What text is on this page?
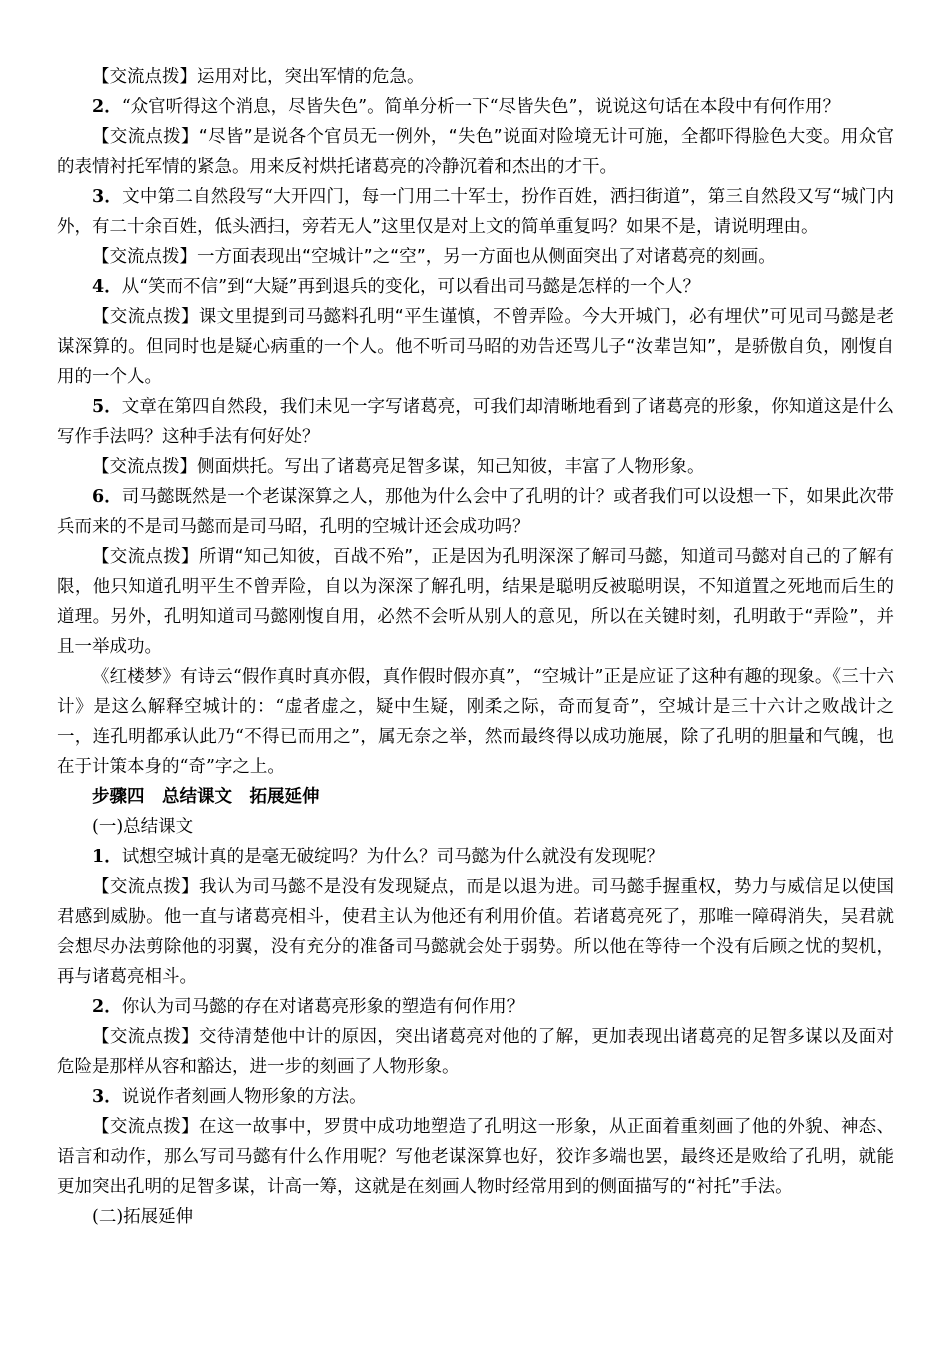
【交流点拨】运用对比，突出军情的危急。

2．“众官听得这个消息，尽皆失色”。简单分析一下“尽皆失色”，说说这句话在本段中有何作用？

【交流点拨】“尽皆”是说各个官员无一例外，“失色”说面对险境无计可施，全都吓得脸色大变。用众官的表情衬托军情的紧急。用来反衬烘托诸葛亮的冷静沉着和杰出的才干。

3．文中第二自然段写“大开四门，每一门用二十军士，扮作百姓，洒扫街道”，第三自然段又写“城门内外，有二十余百姓，低头洒扫，旁若无人”这里仅是对上文的简单重复吗？如果不是，请说明理由。

【交流点拨】一方面表现出“空城计”之“空”，另一方面也从侧面突出了对诸葛亮的刻画。

4．从“笑而不信”到“大疑”再到退兵的变化，可以看出司马懿是怎样的一个人？

【交流点拨】课文里提到司马懿料孔明“平生谨慎，不曾弄险。今大开城门，必有埋伏”可见司马懿是老谋深算的。但同时也是疑心病重的一个人。他不听司马昭的劝告还骂儿子“汝辈岂知”，是骄傲自负，刚愎自用的一个人。

5．文章在第四自然段，我们未见一字写诸葛亮，可我们却清晰地看到了诸葛亮的形象，你知道这是什么写作手法吗？这种手法有何好处？

【交流点拨】侧面烘托。写出了诸葛亮足智多谋，知己知彼，丰富了人物形象。

6．司马懿既然是一个老谋深算之人，那他为什么会中了孔明的计？或者我们可以设想一下，如果此次带兵而来的不是司马懿而是司马昭，孔明的空城计还会成功吗？

【交流点拨】所谓“知己知彼，百战不殆”，正是因为孔明深深了解司马懿，知道司马懿对自己的了解有限，他只知道孔明平生不曾弄险，自以为深深了解孔明，结果是聪明反被聪明误，不知道置之死地而后生的道理。另外，孔明知道司马懿刚愎自用，必然不会听从别人的意见，所以在关键时刻，孔明敢于“弄险”，并且一举成功。

《红楼梦》有诗云“假作真时真亦假，真作假时假亦真”，“空城计”正是应证了这种有趣的现象。《三十六计》是这么解释空城计的：“虚者虚之，疑中生疑，刚柔之际，奇而复奇”，空城计是三十六计之败战计之一，连孔明都承认此乃“不得已而用之”，属无奈之举，然而最终得以成功施展，除了孔明的胆量和气魄，也在于计策本身的“奇”字之上。

步骤四　总结课文　拓展延伸

(一)总结课文

1．试想空城计真的是毫无破绽吗？为什么？司马懿为什么就没有发现呢？

【交流点拨】我认为司马懿不是没有发现疑点，而是以退为进。司马懿手握重权，势力与威信足以使国君感到威胁。他一直与诸葛亮相斗，使君主认为他还有利用价值。若诸葛亮死了，那唯一障碍消失，吴君就会想尽办法剪除他的羽翼，没有充分的准备司马懿就会处于弱势。所以他在等待一个没有后顾之忧的契机，再与诸葛亮相斗。

2．你认为司马懿的存在对诸葛亮形象的塑造有何作用？

【交流点拨】交待清楚他中计的原因，突出诸葛亮对他的了解，更加表现出诸葛亮的足智多谋以及面对危险是那样从容和豁达，进一步的刻画了人物形象。

3．说说作者刻画人物形象的方法。

【交流点拨】在这一故事中，罗贯中成功地塑造了孔明这一形象，从正面着重刻画了他的外貌、神态、语言和动作，那么写司马懿有什么作用呢？写他老谋深算也好，狡诈多端也罢，最终还是败给了孔明，就能更加突出孔明的足智多谋，计高一筹，这就是在刻画人物时经常用到的侧面描写的“衬托”手法。

(二)拓展延伸
